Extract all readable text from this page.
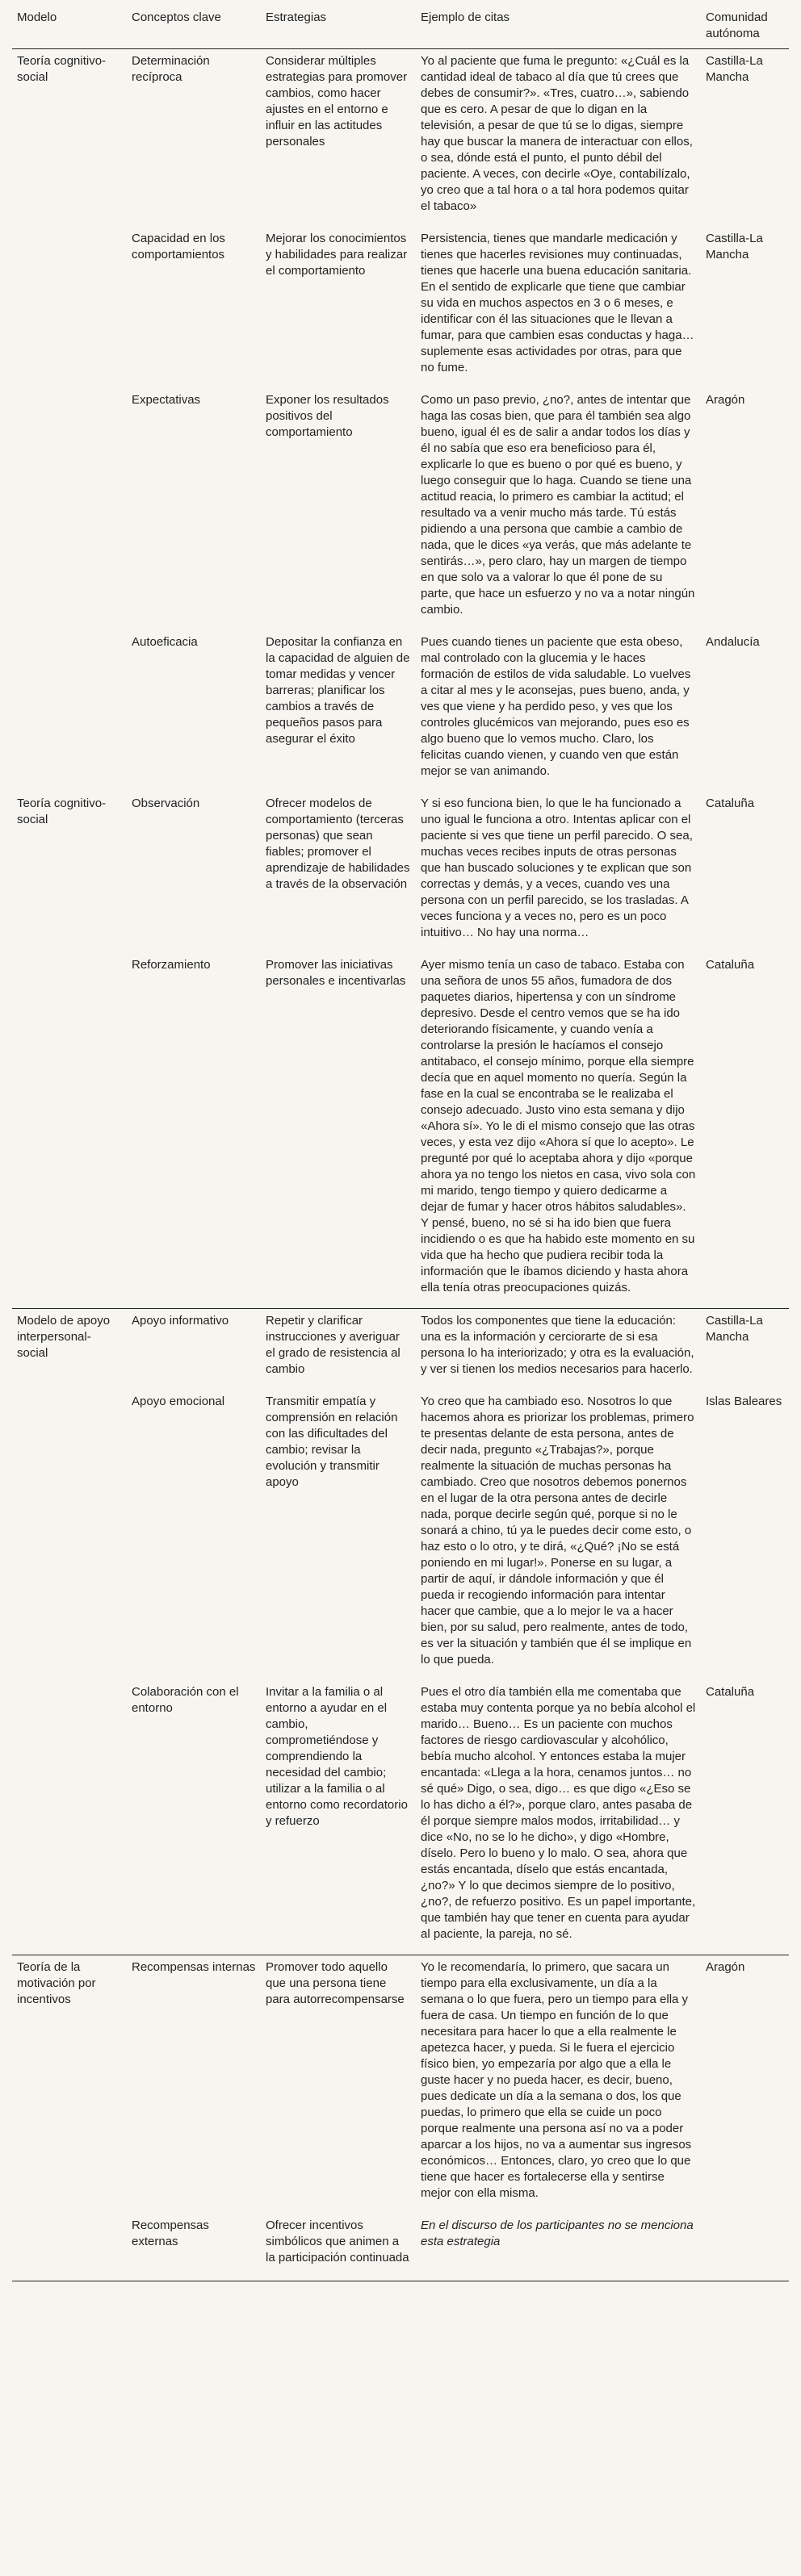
Modelo	Conceptos clave	Estrategias	Ejemplo de citas	Comunidad autónoma
Teoría cognitivo-social	Determinación recíproca	Considerar múltiples estrategias para promover cambios, como hacer ajustes en el entorno e influir en las actitudes personales	Yo al paciente que fuma le pregunto: «¿Cuál es la cantidad ideal de tabaco al día que tú crees que debes de consumir?». «Tres, cuatro…», sabiendo que es cero. A pesar de que lo digan en la televisión, a pesar de que tú se lo digas, siempre hay que buscar la manera de interactuar con ellos, o sea, dónde está el punto, el punto débil del paciente. A veces, con decirle «Oye, contabilízalo, yo creo que a tal hora o a tal hora podemos quitar el tabaco»	Castilla-La Mancha
	Capacidad en los comportamientos	Mejorar los conocimientos y habilidades para realizar el comportamiento	Persistencia, tienes que mandarle medicación y tienes que hacerles revisiones muy continuadas, tienes que hacerle una buena educación sanitaria. En el sentido de explicarle que tiene que cambiar su vida en muchos aspectos en 3 o 6 meses, e identificar con él las situaciones que le llevan a fumar, para que cambien esas conductas y haga… suplemente esas actividades por otras, para que no fume.	Castilla-La Mancha
	Expectativas	Exponer los resultados positivos del comportamiento	Como un paso previo, ¿no?, antes de intentar que haga las cosas bien, que para él también sea algo bueno, igual él es de salir a andar todos los días y él no sabía que eso era beneficioso para él, explicarle lo que es bueno o por qué es bueno, y luego conseguir que lo haga. Cuando se tiene una actitud reacia, lo primero es cambiar la actitud; el resultado va a venir mucho más tarde. Tú estás pidiendo a una persona que cambie a cambio de nada, que le dices «ya verás, que más adelante te sentirás…», pero claro, hay un margen de tiempo en que solo va a valorar lo que él pone de su parte, que hace un esfuerzo y no va a notar ningún cambio.	Aragón
	Autoeficacia	Depositar la confianza en la capacidad de alguien de tomar medidas y vencer barreras; planificar los cambios a través de pequeños pasos para asegurar el éxito	Pues cuando tienes un paciente que esta obeso, mal controlado con la glucemia y le haces formación de estilos de vida saludable. Lo vuelves a citar al mes y le aconsejas, pues bueno, anda, y ves que viene y ha perdido peso, y ves que los controles glucémicos van mejorando, pues eso es algo bueno que lo vemos mucho. Claro, los felicitas cuando vienen, y cuando ven que están mejor se van animando.	Andalucía
Teoría cognitivo-social	Observación	Ofrecer modelos de comportamiento (terceras personas) que sean fiables; promover el aprendizaje de habilidades a través de la observación	Y si eso funciona bien, lo que le ha funcionado a uno igual le funciona a otro. Intentas aplicar con el paciente si ves que tiene un perfil parecido. O sea, muchas veces recibes inputs de otras personas que han buscado soluciones y te explican que son correctas y demás, y a veces, cuando ves una persona con un perfil parecido, se los trasladas. A veces funciona y a veces no, pero es un poco intuitivo… No hay una norma…	Cataluña
	Reforzamiento	Promover las iniciativas personales e incentivarlas	Ayer mismo tenía un caso de tabaco. Estaba con una señora de unos 55 años, fumadora de dos paquetes diarios, hipertensa y con un síndrome depresivo. Desde el centro vemos que se ha ido deteriorando físicamente, y cuando venía a controlarse la presión le hacíamos el consejo antitabaco, el consejo mínimo, porque ella siempre decía que en aquel momento no quería. Según la fase en la cual se encontraba se le realizaba el consejo adecuado. Justo vino esta semana y dijo «Ahora sí». Yo le di el mismo consejo que las otras veces, y esta vez dijo «Ahora sí que lo acepto». Le pregunté por qué lo aceptaba ahora y dijo «porque ahora ya no tengo los nietos en casa, vivo sola con mi marido, tengo tiempo y quiero dedicarme a dejar de fumar y hacer otros hábitos saludables». Y pensé, bueno, no sé si ha ido bien que fuera incidiendo o es que ha habido este momento en su vida que ha hecho que pudiera recibir toda la información que le íbamos diciendo y hasta ahora ella tenía otras preocupaciones quizás.	Cataluña
Modelo de apoyo interpersonal-social	Apoyo informativo	Repetir y clarificar instrucciones y averiguar el grado de resistencia al cambio	Todos los componentes que tiene la educación: una es la información y cerciorarte de si esa persona lo ha interiorizado; y otra es la evaluación, y ver si tienen los medios necesarios para hacerlo.	Castilla-La Mancha
	Apoyo emocional	Transmitir empatía y comprensión en relación con las dificultades del cambio; revisar la evolución y transmitir apoyo	Yo creo que ha cambiado eso. Nosotros lo que hacemos ahora es priorizar los problemas, primero te presentas delante de esta persona, antes de decir nada, pregunto «¿Trabajas?», porque realmente la situación de muchas personas ha cambiado. Creo que nosotros debemos ponernos en el lugar de la otra persona antes de decirle nada, porque decirle según qué, porque si no le sonará a chino, tú ya le puedes decir come esto, o haz esto o lo otro, y te dirá, «¿Qué? ¡No se está poniendo en mi lugar!». Ponerse en su lugar, a partir de aquí, ir dándole información y que él pueda ir recogiendo información para intentar hacer que cambie, que a lo mejor le va a hacer bien, por su salud, pero realmente, antes de todo, es ver la situación y también que él se implique en lo que pueda.	Islas Baleares
	Colaboración con el entorno	Invitar a la familia o al entorno a ayudar en el cambio, comprometiéndose y comprendiendo la necesidad del cambio; utilizar a la familia o al entorno como recordatorio y refuerzo	Pues el otro día también ella me comentaba que estaba muy contenta porque ya no bebía alcohol el marido… Bueno… Es un paciente con muchos factores de riesgo cardiovascular y alcohólico, bebía mucho alcohol. Y entonces estaba la mujer encantada: «Llega a la hora, cenamos juntos… no sé qué» Digo, o sea, digo… es que digo «¿Eso se lo has dicho a él?», porque claro, antes pasaba de él porque siempre malos modos, irritabilidad… y dice «No, no se lo he dicho», y digo «Hombre, díselo. Pero lo bueno y lo malo. O sea, ahora que estás encantada, díselo que estás encantada, ¿no?» Y lo que decimos siempre de lo positivo, ¿no?, de refuerzo positivo. Es un papel importante, que también hay que tener en cuenta para ayudar al paciente, la pareja, no sé.	Cataluña
Teoría de la motivación por incentivos	Recompensas internas	Promover todo aquello que una persona tiene para autorrecompensarse	Yo le recomendaría, lo primero, que sacara un tiempo para ella exclusivamente, un día a la semana o lo que fuera, pero un tiempo para ella y fuera de casa. Un tiempo en función de lo que necesitara para hacer lo que a ella realmente le apetezca hacer, y pueda. Si le fuera el ejercicio físico bien, yo empezaría por algo que a ella le guste hacer y no pueda hacer, es decir, bueno, pues dedicate un día a la semana o dos, los que puedas, lo primero que ella se cuide un poco porque realmente una persona así no va a poder aparcar a los hijos, no va a aumentar sus ingresos económicos… Entonces, claro, yo creo que lo que tiene que hacer es fortalecerse ella y sentirse mejor con ella misma.	Aragón
	Recompensas externas	Ofrecer incentivos simbólicos que animen a la participación continuada	En el discurso de los participantes no se menciona esta estrategia	
